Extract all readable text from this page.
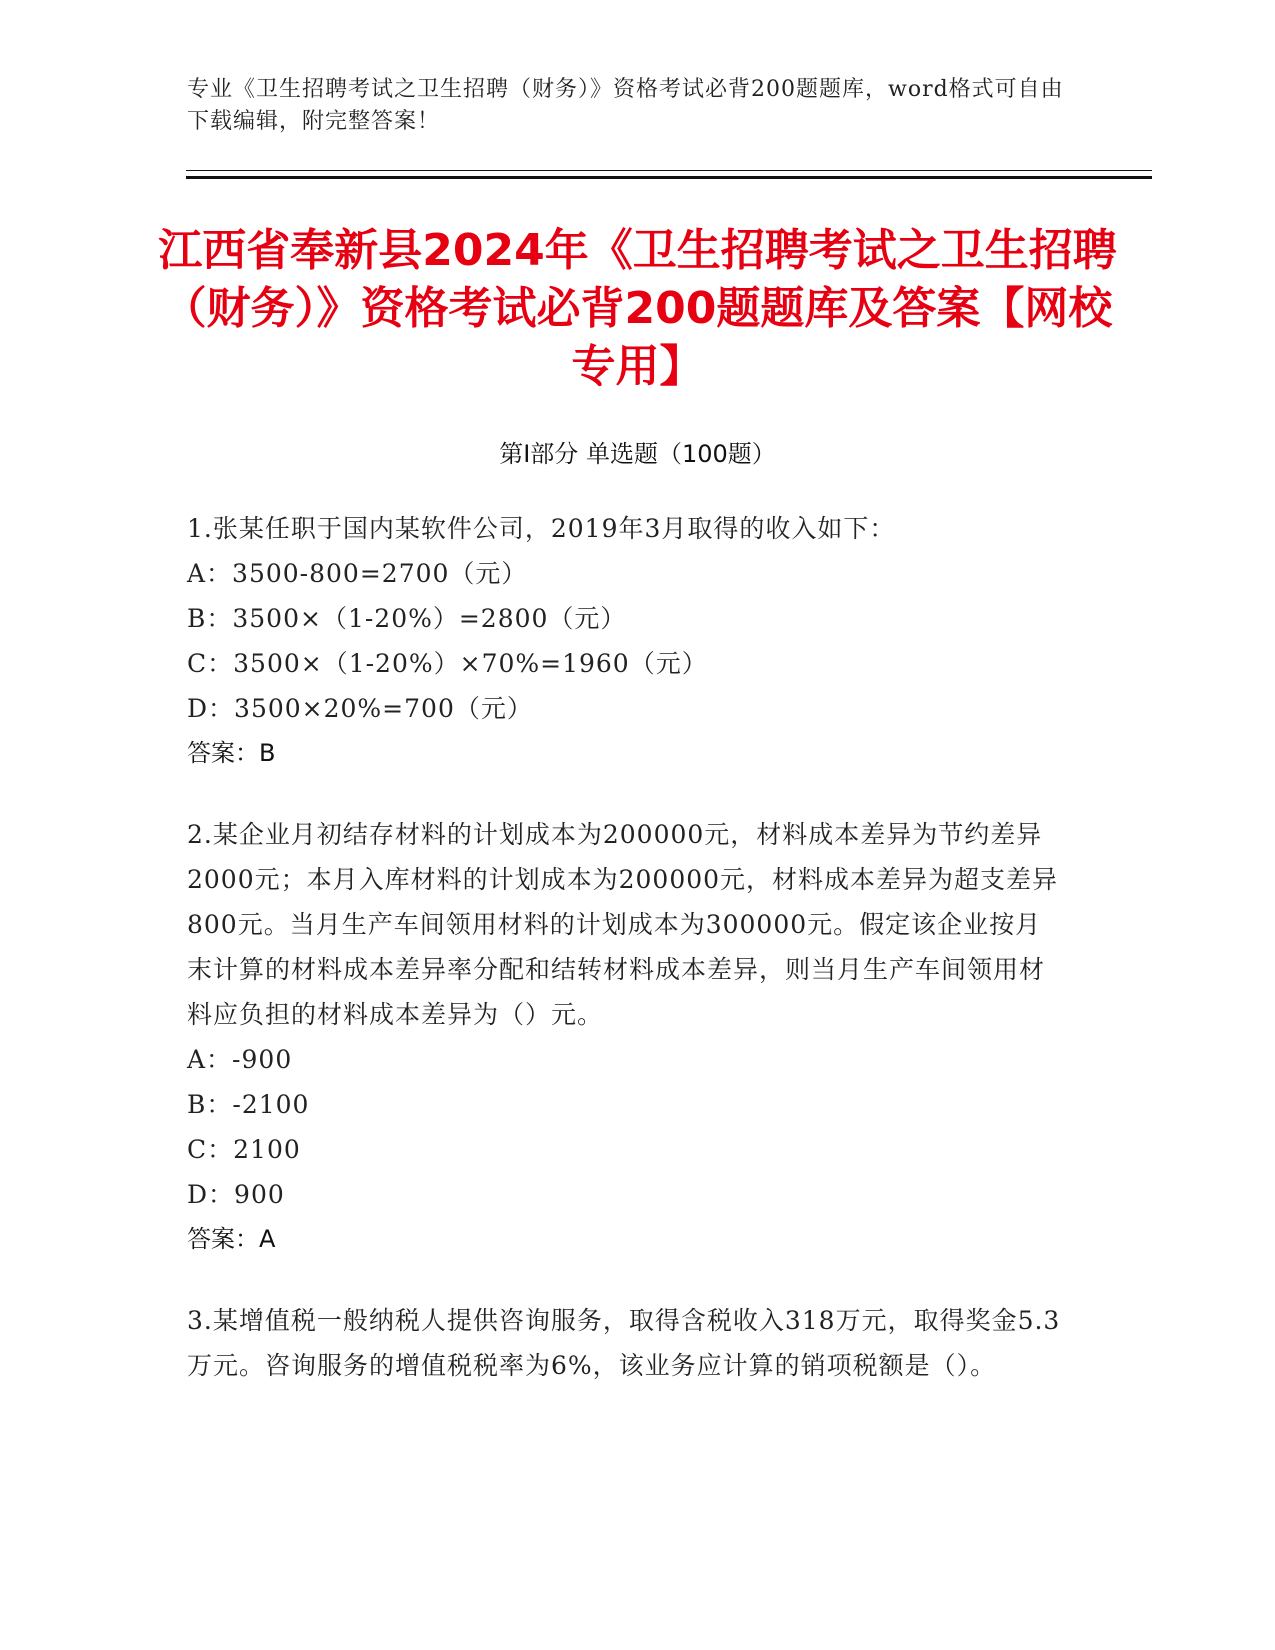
专业《卫生招聘考试之卫生招聘（财务）》资格考试必背200题题库，word格式可自由下载编辑，附完整答案！
江西省奉新县2024年《卫生招聘考试之卫生招聘（财务）》资格考试必背200题题库及答案【网校专用】
第I部分 单选题（100题）
1.张某任职于国内某软件公司，2019年3月取得的收入如下：
A：3500-800=2700（元）
B：3500×（1-20%）=2800（元）
C：3500×（1-20%）×70%=1960（元）
D：3500×20%=700（元）
答案：B
2.某企业月初结存材料的计划成本为200000元，材料成本差异为节约差异2000元；本月入库材料的计划成本为200000元，材料成本差异为超支差异800元。当月生产车间领用材料的计划成本为300000元。假定该企业按月末计算的材料成本差异率分配和结转材料成本差异，则当月生产车间领用材料应负担的材料成本差异为（）元。
A：-900
B：-2100
C：2100
D：900
答案：A
3.某增值税一般纳税人提供咨询服务，取得含税收入318万元，取得奖金5.3万元。咨询服务的增值税税率为6%，该业务应计算的销项税额是（）。
